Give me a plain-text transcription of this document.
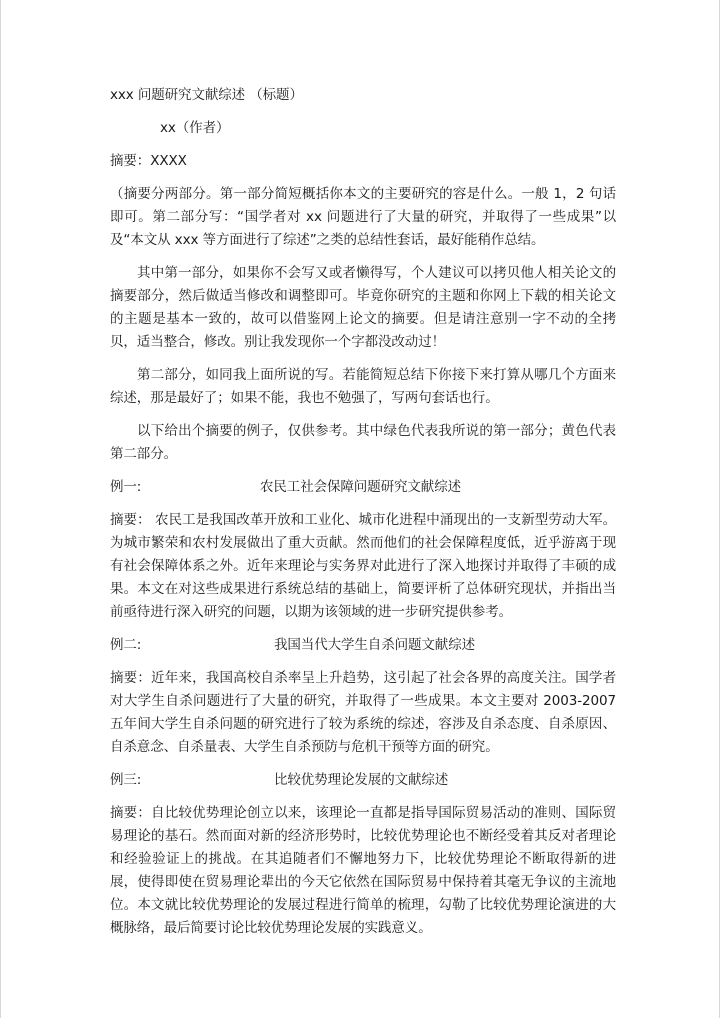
xxx 问题研究文献综述 （标题）

xx（作者）

摘要：XXXX

（摘要分两部分。第一部分简短概括你本文的主要研究的容是什么。一般 1，2 句话即可。第二部分写：“国学者对 xx 问题进行了大量的研究，并取得了一些成果”以及“本文从 xxx 等方面进行了综述”之类的总结性套话，最好能稍作总结。

其中第一部分，如果你不会写又或者懒得写，个人建议可以拷贝他人相关论文的摘要部分，然后做适当修改和调整即可。毕竟你研究的主题和你网上下载的相关论文的主题是基本一致的，故可以借鉴网上论文的摘要。但是请注意别一字不动的全拷贝，适当整合，修改。别让我发现你一个字都没改动过！

第二部分，如同我上面所说的写。若能简短总结下你接下来打算从哪几个方面来综述，那是最好了；如果不能，我也不勉强了，写两句套话也行。

以下给出个摘要的例子，仅供参考。其中绿色代表我所说的第一部分；黄色代表第二部分。

例一:	农民工社会保障问题研究文献综述

摘要： 农民工是我国改革开放和工业化、城市化进程中涌现出的一支新型劳动大军。为城市繁荣和农村发展做出了重大贡献。然而他们的社会保障程度低，近乎游离于现有社会保障体系之外。近年来理论与实务界对此进行了深入地探讨并取得了丰硕的成果。本文在对这些成果进行系统总结的基础上，简要评析了总体研究现状，并指出当前亟待进行深入研究的问题，以期为该领域的进一步研究提供参考。

例二:	我国当代大学生自杀问题文献综述

摘要：近年来，我国高校自杀率呈上升趋势，这引起了社会各界的高度关注。国学者对大学生自杀问题进行了大量的研究，并取得了一些成果。本文主要对 2003-2007 五年间大学生自杀问题的研究进行了较为系统的综述，容涉及自杀态度、自杀原因、自杀意念、自杀量表、大学生自杀预防与危机干预等方面的研究。

例三:	比较优势理论发展的文献综述

摘要：自比较优势理论创立以来，该理论一直都是指导国际贸易活动的准则、国际贸易理论的基石。然而面对新的经济形势时，比较优势理论也不断经受着其反对者理论和经验验证上的挑战。在其追随者们不懈地努力下，比较优势理论不断取得新的进展，使得即使在贸易理论辈出的今天它依然在国际贸易中保持着其毫无争议的主流地位。本文就比较优势理论的发展过程进行简单的梳理，勾勒了比较优势理论演进的大概脉络，最后简要讨论比较优势理论发展的实践意义。
